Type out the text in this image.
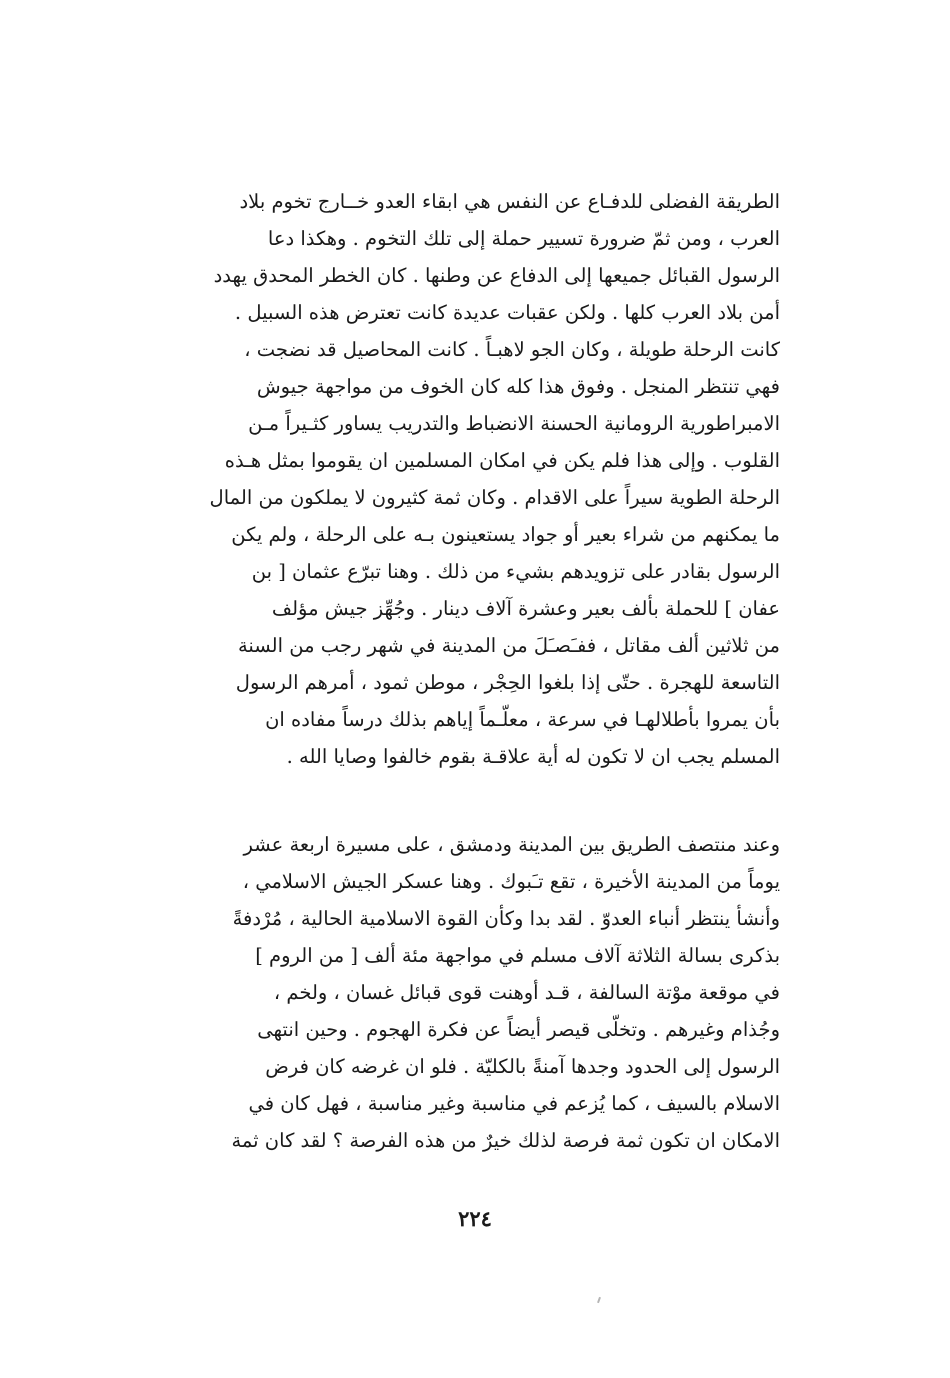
الطريقة الفضلى للدفـاع عن النفس هي ابقاء العدو خــارج تخوم بلاد
العرب ، ومن ثمّ ضرورة تسيير حملة إلى تلك التخوم . وهكذا دعا
الرسول القبائل جميعها إلى الدفاع عن وطنها . كان الخطر المحدق يهدد
أمن بلاد العرب كلها . ولكن عقبات عديدة كانت تعترض هذه السبيل .
كانت الرحلة طويلة ، وكان الجو لاهبـاً . كانت المحاصيل قد نضجت ،
فهي تنتظر المنجل . وفوق هذا كله كان الخوف من مواجهة جيوش
الامبراطورية الرومانية الحسنة الانضباط والتدريب يساور كثـيراً مـن
القلوب . وإلى هذا فلم يكن في امكان المسلمين ان يقوموا بمثل هـذه
الرحلة الطوية سيراً على الاقدام . وكان ثمة كثيرون لا يملكون من المال
ما يمكنهم من شراء بعير أو جواد يستعينون بـه على الرحلة ، ولم يكن
الرسول بقادر على تزويدهم بشيء من ذلك . وهنا تبرّع عثمان [ بن
عفان ] للحملة بألف بعير وعشرة آلاف دينار . وجُهِّز جيش مؤلف
من ثلاثين ألف مقاتل ، ففـَصـَلَ من المدينة في شهر رجب من السنة
التاسعة للهجرة . حتّى إذا بلغوا الحِجْر ، موطن ثمود ، أمرهم الرسول
بأن يمروا بأطلالهـا في سرعة ، معلّـماً إياهم بذلك درساً مفاده ان
المسلم يجب ان لا تكون له أية علاقـة بقوم خالفوا وصايا الله .
وعند منتصف الطريق بين المدينة ودمشق ، على مسيرة اربعة عشر
يوماً من المدينة الأخيرة ، تقع تـَبوك . وهنا عسكر الجيش الاسلامي ،
وأنشأ ينتظر أنباء العدوّ . لقد بدا وكأن القوة الاسلامية الحالية ، مُرْدفةً
بذكرى بسالة الثلاثة آلاف مسلم في مواجهة مئة ألف [ من الروم ]
في موقعة موْتة السالفة ، قـد أوهنت قوى قبائل غسان ، ولخم ،
وجُذام وغيرهم . وتخلّى قيصر أيضاً عن فكرة الهجوم . وحين انتهى
الرسول إلى الحدود وجدها آمنةً بالكليّة . فلو ان غرضه كان فرض
الاسلام بالسيف ، كما يُزعم في مناسبة وغير مناسبة ، فهل كان في
الامكان ان تكون ثمة فرصة لذلك خيرٌ من هذه الفرصة ؟ لقد كان ثمة
٢٢٤
